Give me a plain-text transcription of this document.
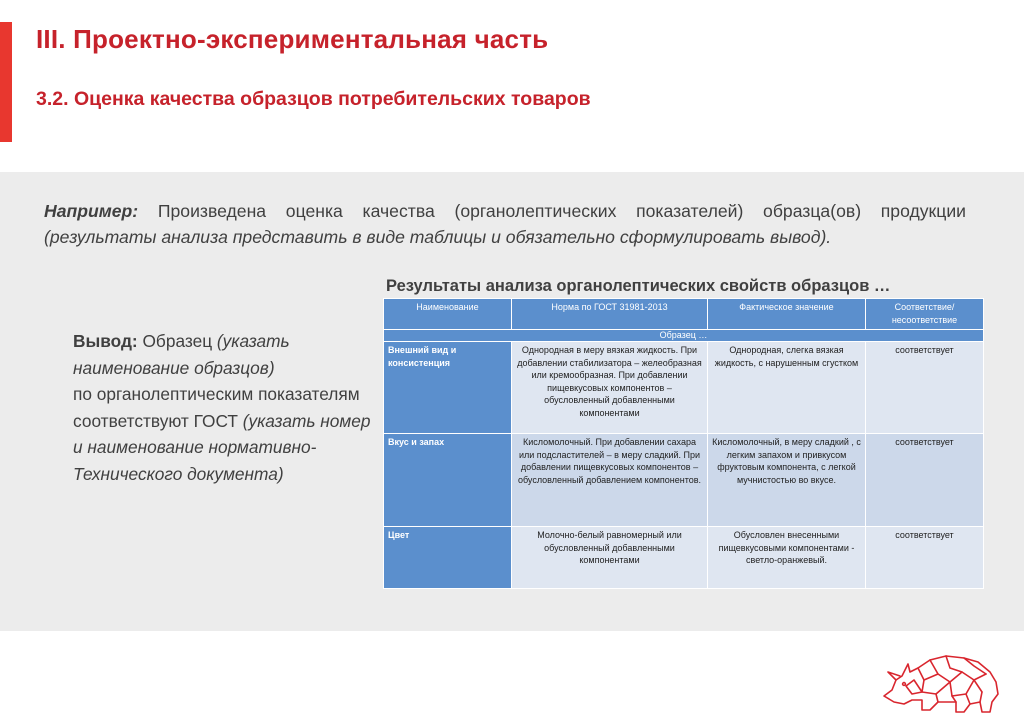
III. Проектно-экспериментальная часть
3.2. Оценка качества образцов потребительских товаров
Например: Произведена оценка качества (органолептических показателей) образца(ов) продукции (результаты анализа представить в виде таблицы и обязательно сформулировать вывод).
Результаты анализа органолептических свойств образцов …
Вывод: Образец (указать
наименование образцов)
по органолептическим показателям
соответствуют ГОСТ (указать номер
и наименование нормативно-
Технического документа)
Наименование	Норма по ГОСТ 31981-2013	Фактическое значение	Соответствие/ несоответствие
Образец …			
Внешний вид и консистенция	Однородная в меру вязкая жидкость. При добавлении стабилизатора – желеобразная или кремообразная. При добавлении пищевкусовых компонентов – обусловленный добавленными компонентами	Однородная, слегка вязкая жидкость, с нарушенным сгустком	соответствует
Вкус и запах	Кисломолочный. При добавлении сахара или подсластителей – в меру сладкий. При добавлении пищевкусовых компонентов – обусловленный добавлением компонентов.	Кисломолочный, в меру сладкий , с легким запахом и привкусом фруктовым компонента, с легкой мучнистостью во вкусе.	соответствует
Цвет	Молочно-белый равномерный или обусловленный добавленными компонентами	Обусловлен внесенными пищевкусовыми компонентами - светло-оранжевый.	соответствует
